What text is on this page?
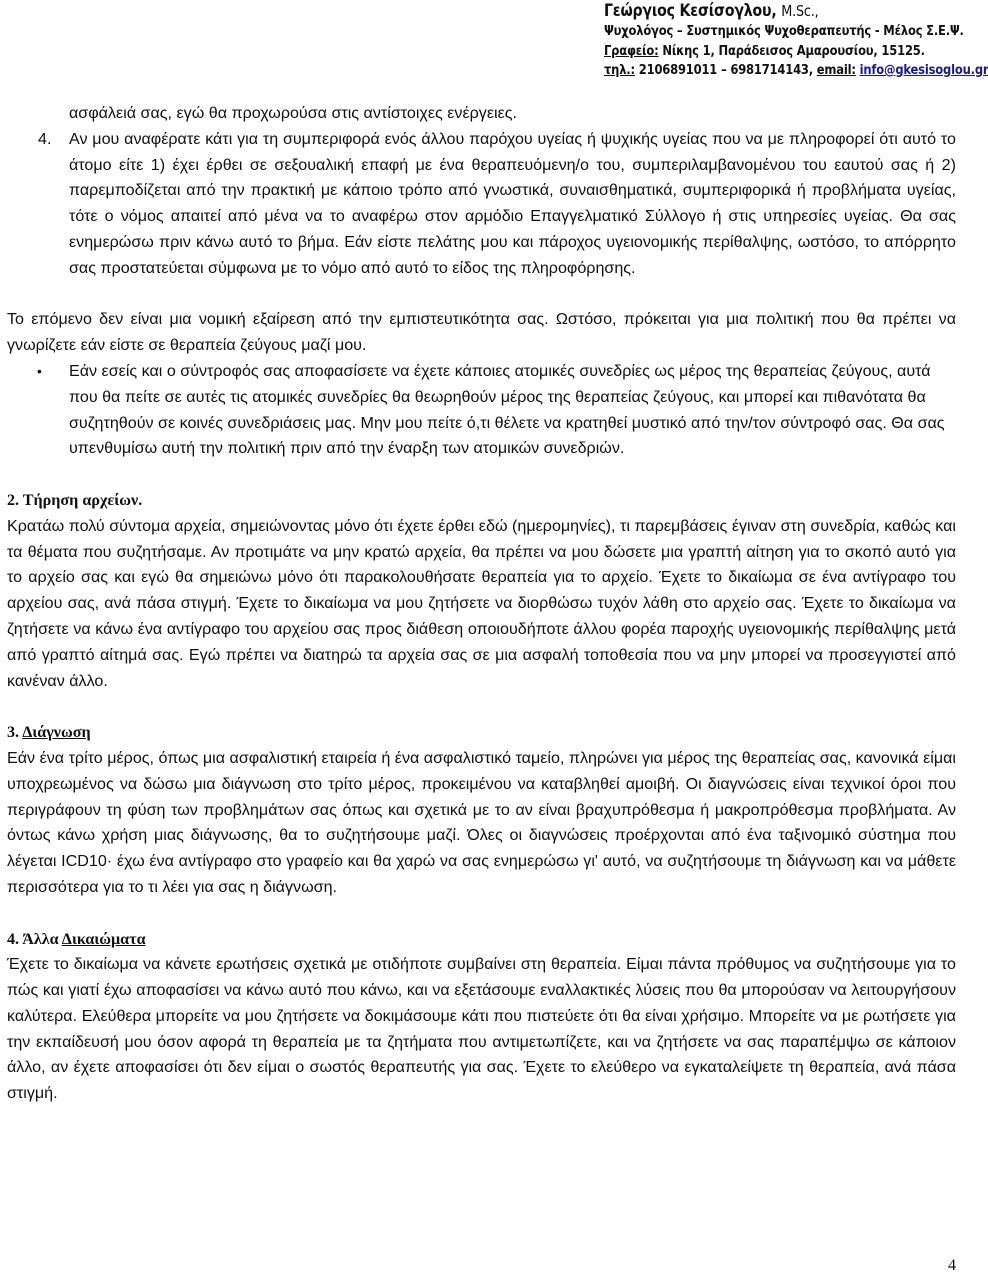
Γεώργιος Κεσίσογλου, M.Sc.,
Ψυχολόγος – Συστημικός Ψυχοθεραπευτής - Μέλος Σ.Ε.Ψ.
Γραφείο: Νίκης 1, Παράδεισος Αμαρουσίου, 15125.
τηλ.: 2106891011 – 6981714143, email: info@gkesisoglou.gr

ασφάλειά σας, εγώ θα προχωρούσα στις αντίστοιχες ενέργειες.

4.	Αν μου αναφέρατε κάτι για τη συμπεριφορά ενός άλλου παρόχου υγείας ή ψυχικής υγείας που να με πληροφορεί ότι αυτό το άτομο είτε 1) έχει έρθει σε σεξουαλική επαφή με ένα θεραπευόμενη/ο του, συμπεριλαμβανομένου του εαυτού σας ή 2) παρεμποδίζεται από την πρακτική με κάποιο τρόπο από γνωστικά, συναισθηματικά, συμπεριφορικά ή προβλήματα υγείας, τότε ο νόμος απαιτεί από μένα να το αναφέρω στον αρμόδιο Επαγγελματικό Σύλλογο ή στις υπηρεσίες υγείας. Θα σας ενημερώσω πριν κάνω αυτό το βήμα. Εάν είστε πελάτης μου και πάροχος υγειονομικής περίθαλψης, ωστόσο, το απόρρητο σας προστατεύεται σύμφωνα με το νόμο από αυτό το είδος της πληροφόρησης.

Το επόμενο δεν είναι μια νομική εξαίρεση από την εμπιστευτικότητα σας. Ωστόσο, πρόκειται για μια πολιτική που θα πρέπει να γνωρίζετε εάν είστε σε θεραπεία ζεύγους μαζί μου.

•	Εάν εσείς και ο σύντροφός σας αποφασίσετε να έχετε κάποιες ατομικές συνεδρίες ως μέρος της θεραπείας ζεύγους, αυτά που θα πείτε σε αυτές τις ατομικές συνεδρίες θα θεωρηθούν μέρος της θεραπείας ζεύγους, και μπορεί και πιθανότατα θα συζητηθούν σε κοινές συνεδριάσεις μας. Μην μου πείτε ό,τι θέλετε να κρατηθεί μυστικό από την/τον σύντροφό σας. Θα σας υπενθυμίσω αυτή την πολιτική πριν από την έναρξη των ατομικών συνεδριών.
2. Τήρηση αρχείων.

Κρατάω πολύ σύντομα αρχεία, σημειώνοντας μόνο ότι έχετε έρθει εδώ (ημερομηνίες), τι παρεμβάσεις έγιναν στη συνεδρία, καθώς και τα θέματα που συζητήσαμε. Αν προτιμάτε να μην κρατώ αρχεία, θα πρέπει να μου δώσετε μια γραπτή αίτηση για το σκοπό αυτό για το αρχείο σας και εγώ θα σημειώνω μόνο ότι παρακολουθήσατε θεραπεία για το αρχείο. Έχετε το δικαίωμα σε ένα αντίγραφο του αρχείου σας, ανά πάσα στιγμή. Έχετε το δικαίωμα να μου ζητήσετε να διορθώσω τυχόν λάθη στο αρχείο σας. Έχετε το δικαίωμα να ζητήσετε να κάνω ένα αντίγραφο του αρχείου σας προς διάθεση οποιουδήποτε άλλου φορέα παροχής υγειονομικής περίθαλψης μετά από γραπτό αίτημά σας. Εγώ πρέπει να διατηρώ τα αρχεία σας σε μια ασφαλή τοποθεσία που να μην μπορεί να προσεγγιστεί από κανέναν άλλο.

3. Διάγνωση

Εάν ένα τρίτο μέρος, όπως μια ασφαλιστική εταιρεία ή ένα ασφαλιστικό ταμείο, πληρώνει για μέρος της θεραπείας σας, κανονικά είμαι υποχρεωμένος να δώσω μια διάγνωση στο τρίτο μέρος, προκειμένου να καταβληθεί αμοιβή. Οι διαγνώσεις είναι τεχνικοί όροι που περιγράφουν τη φύση των προβλημάτων σας όπως και σχετικά με το αν είναι βραχυπρόθεσμα ή μακροπρόθεσμα προβλήματα. Αν όντως κάνω χρήση μιας διάγνωσης, θα το συζητήσουμε μαζί. Όλες οι διαγνώσεις προέρχονται από ένα ταξινομικό σύστημα που λέγεται ICD10· έχω ένα αντίγραφο στο γραφείο και θα χαρώ να σας ενημερώσω γι' αυτό, να συζητήσουμε τη διάγνωση και να μάθετε περισσότερα για το τι λέει για σας η διάγνωση.

4. Άλλα Δικαιώματα

Έχετε το δικαίωμα να κάνετε ερωτήσεις σχετικά με οτιδήποτε συμβαίνει στη θεραπεία. Είμαι πάντα πρόθυμος να συζητήσουμε για το πώς και γιατί έχω αποφασίσει να κάνω αυτό που κάνω, και να εξετάσουμε εναλλακτικές λύσεις που θα μπορούσαν να λειτουργήσουν καλύτερα. Ελεύθερα μπορείτε να μου ζητήσετε να δοκιμάσουμε κάτι που πιστεύετε ότι θα είναι χρήσιμο. Μπορείτε να με ρωτήσετε για την εκπαίδευσή μου όσον αφορά τη θεραπεία με τα ζητήματα που αντιμετωπίζετε, και να ζητήσετε να σας παραπέμψω σε κάποιον άλλο, αν έχετε αποφασίσει ότι δεν είμαι ο σωστός θεραπευτής για σας. Έχετε το ελεύθερο να εγκαταλείψετε τη θεραπεία, ανά πάσα στιγμή.

4
